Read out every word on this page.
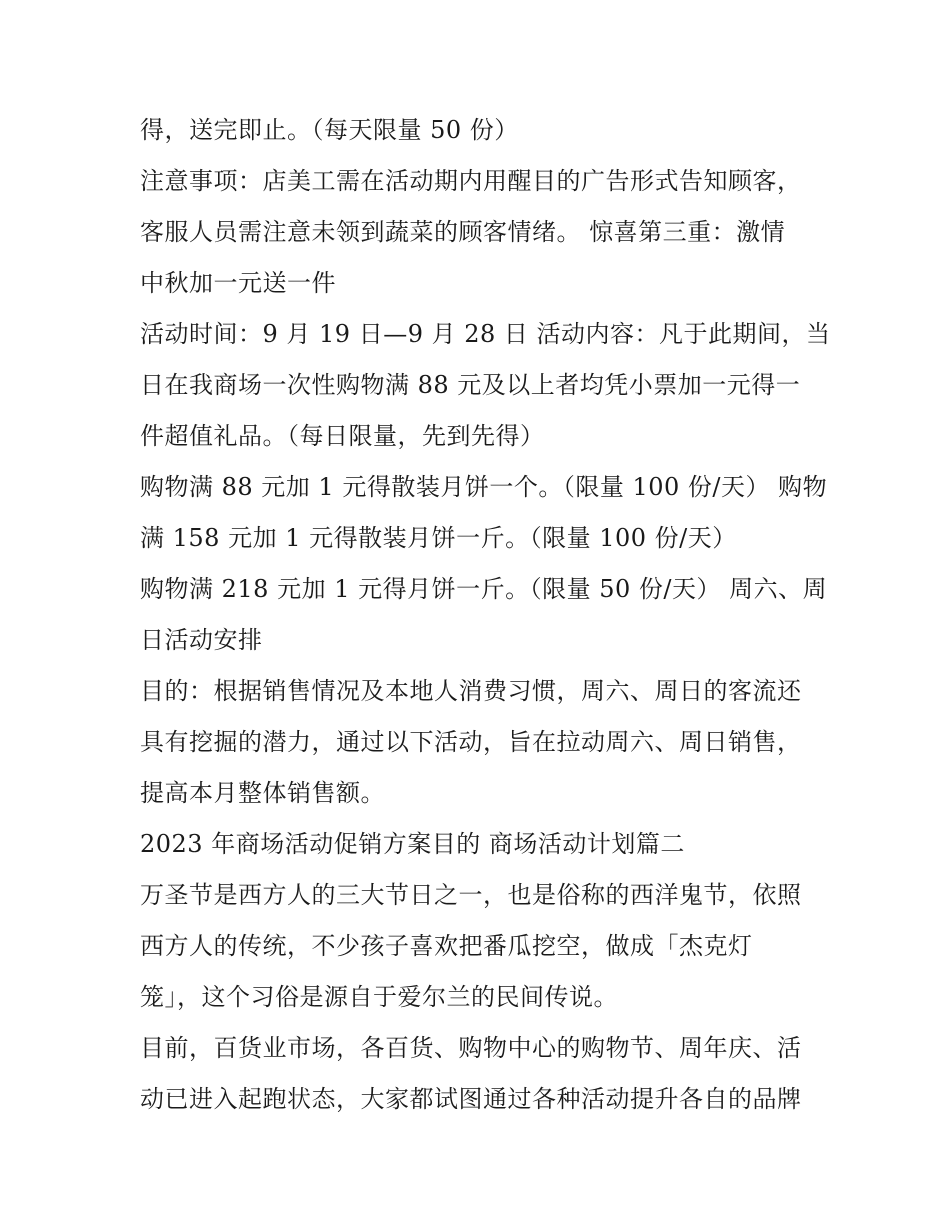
得，送完即止。（每天限量 50 份）
注意事项：店美工需在活动期内用醒目的广告形式告知顾客，
客服人员需注意未领到蔬菜的顾客情绪。 惊喜第三重：激情
中秋加一元送一件
活动时间：9 月 19 日—9 月 28 日 活动内容：凡于此期间，当
日在我商场一次性购物满 88 元及以上者均凭小票加一元得一
件超值礼品。（每日限量，先到先得）
购物满 88 元加 1 元得散装月饼一个。（限量 100 份/天） 购物
满 158 元加 1 元得散装月饼一斤。（限量 100 份/天）
购物满 218 元加 1 元得月饼一斤。（限量 50 份/天） 周六、周
日活动安排
目的：根据销售情况及本地人消费习惯，周六、周日的客流还
具有挖掘的潜力，通过以下活动，旨在拉动周六、周日销售，
提高本月整体销售额。
2023 年商场活动促销方案目的 商场活动计划篇二
万圣节是西方人的三大节日之一，也是俗称的西洋鬼节，依照
西方人的传统，不少孩子喜欢把番瓜挖空，做成「杰克灯
笼」，这个习俗是源自于爱尔兰的民间传说。
目前，百货业市场，各百货、购物中心的购物节、周年庆、活
动已进入起跑状态，大家都试图通过各种活动提升各自的品牌
